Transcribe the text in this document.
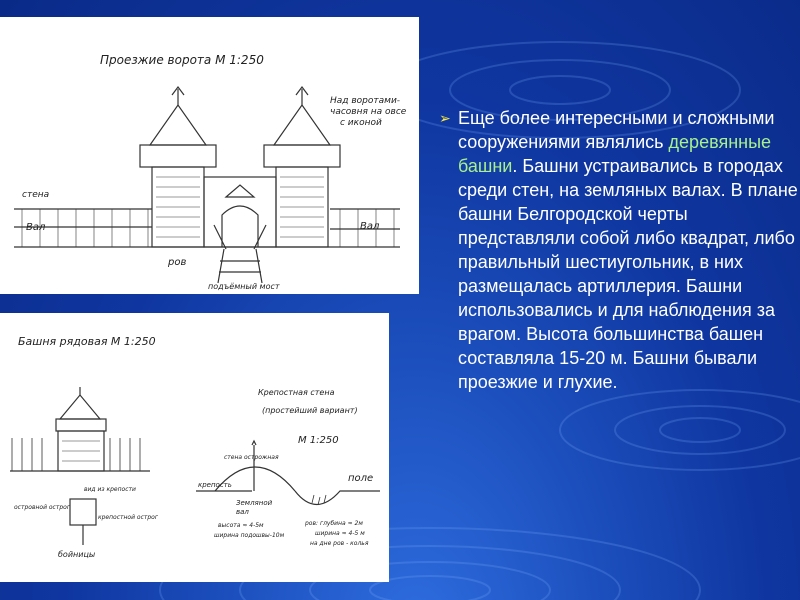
Проезжие ворота М 1:250
Над воротами-
часовня на овсе
с иконой
стена
Вал	Вал
ров
подъёмный мост
Башня рядовая М 1:250
вид из крепости
островной острог
крепостной острог
бойницы
Крепостная стена
(простейший вариант)
М 1:250
стена острожная
крепость
поле
Земляной
вал
высота ≈ 4-5м
ширина подошвы-10м
ров: глубина ≈ 2м
ширина ≈ 4-5 м
на дне ров - колья
➢ Еще более интересными и сложными сооружениями являлись деревянные башни. Башни устраивались в городах среди стен, на земляных валах. В плане башни Белгородской черты представляли собой либо квадрат, либо правильный шестиугольник, в них размещалась артиллерия. Башни использовались и для наблюдения за врагом. Высота большинства башен составляла 15-20 м. Башни бывали проезжие и глухие.
